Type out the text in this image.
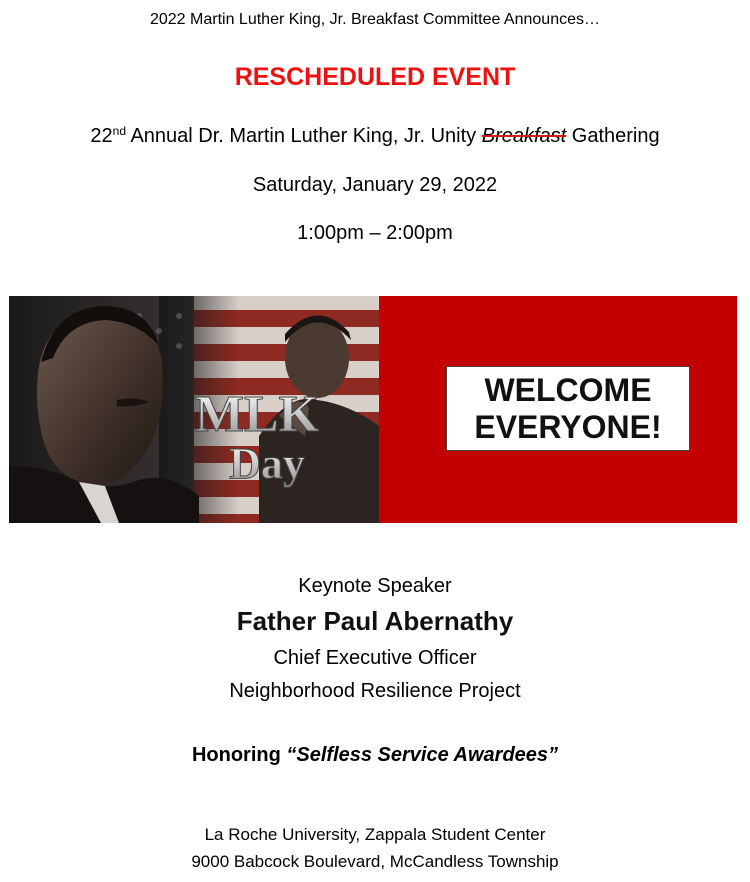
2022 Martin Luther King, Jr. Breakfast Committee Announces…
RESCHEDULED EVENT
22nd Annual Dr. Martin Luther King, Jr. Unity Breakfast Gathering
Saturday, January 29, 2022
1:00pm – 2:00pm
MLK
Day
WELCOME
EVERYONE!
Keynote Speaker
Father Paul Abernathy
Chief Executive Officer
Neighborhood Resilience Project
Honoring “Selfless Service Awardees”
La Roche University, Zappala Student Center
9000 Babcock Boulevard, McCandless Township
